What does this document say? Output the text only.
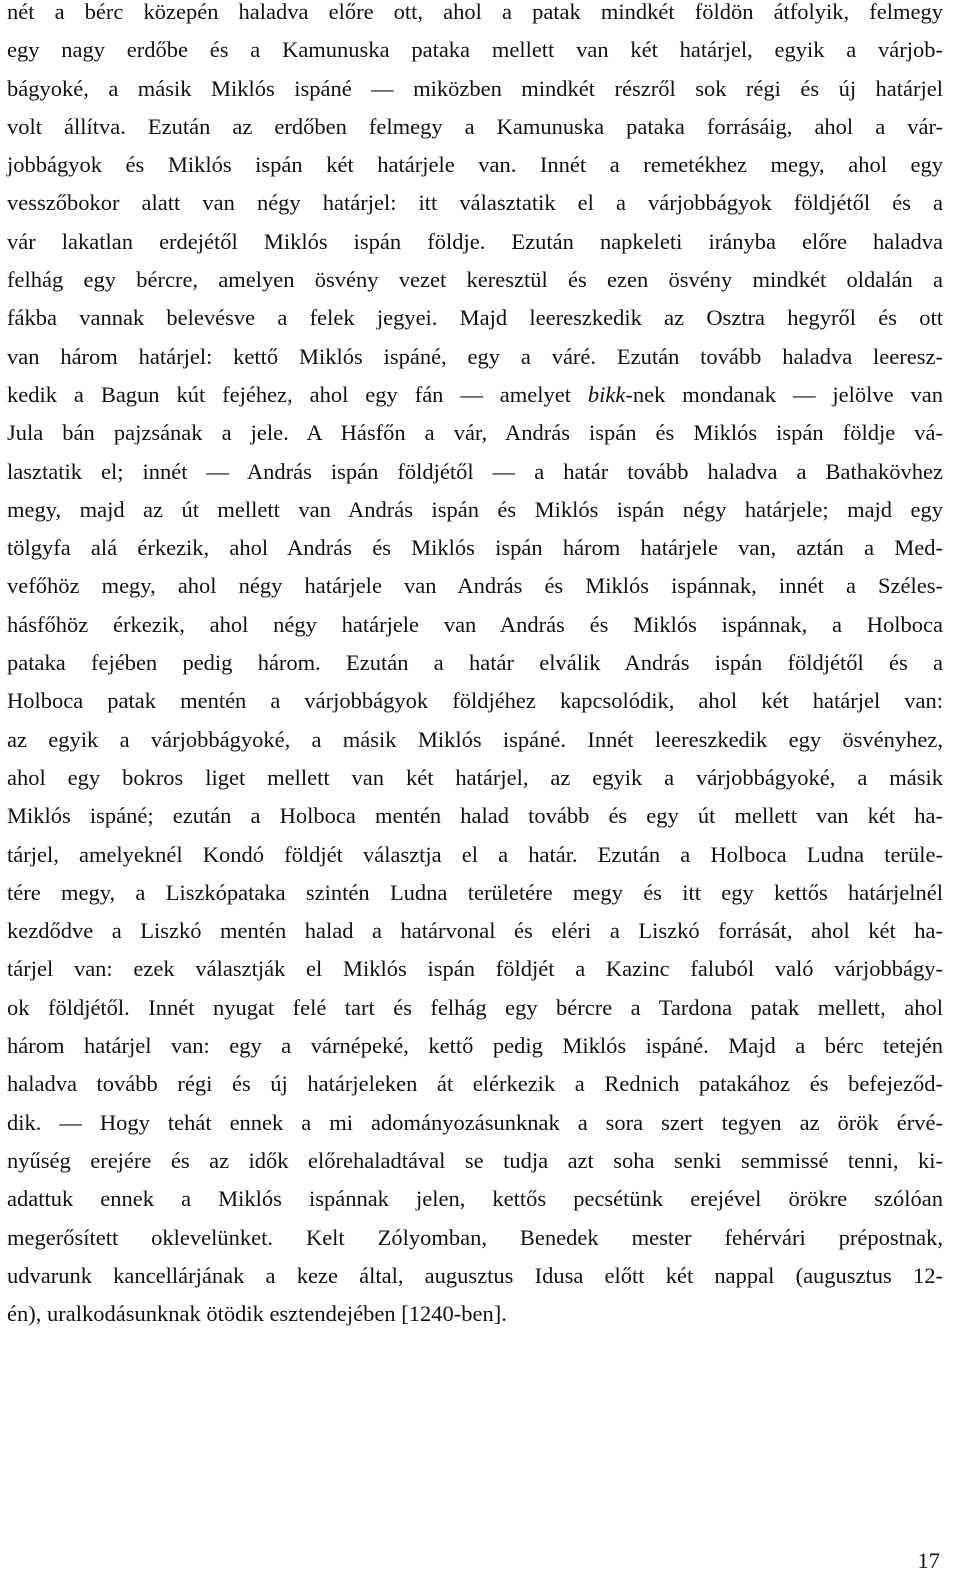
nét a bérc közepén haladva előre ott, ahol a patak mindkét földön átfolyik, felmegy
egy nagy erdőbe és a Kamunuska pataka mellett van két határjel, egyik a várjob-
bágyoké, a másik Miklós ispáné — miközben mindkét részről sok régi és új határjel
volt állítva. Ezután az erdőben felmegy a Kamunuska pataka forrásáig, ahol a vár-
jobbágyok és Miklós ispán két határjele van. Innét a remetékhez megy, ahol egy
vesszőbokor alatt van négy határjel: itt választatik el a várjobbágyok földjétől és a
vár lakatlan erdejétől Miklós ispán földje. Ezután napkeleti irányba előre haladva
felhág egy bércre, amelyen ösvény vezet keresztül és ezen ösvény mindkét oldalán a
fákba vannak belevésve a felek jegyei. Majd leereszkedik az Osztra hegyről és ott
van három határjel: kettő Miklós ispáné, egy a váré. Ezután tovább haladva leeresz-
kedik a Bagun kút fejéhez, ahol egy fán — amelyet bikk-nek mondanak — jelölve van
Jula bán pajzsának a jele. A Hásfőn a vár, András ispán és Miklós ispán földje vá-
lasztatik el; innét — András ispán földjétől — a határ tovább haladva a Bathakövhez
megy, majd az út mellett van András ispán és Miklós ispán négy határjele; majd egy
tölgyfa alá érkezik, ahol András és Miklós ispán három határjele van, aztán a Med-
vefőhöz megy, ahol négy határjele van András és Miklós ispánnak, innét a Széles-
hásfőhöz érkezik, ahol négy határjele van András és Miklós ispánnak, a Holboca
pataka fejében pedig három. Ezután a határ elválik András ispán földjétől és a
Holboca patak mentén a várjobbágyok földjéhez kapcsolódik, ahol két határjel van:
az egyik a várjobbágyoké, a másik Miklós ispáné. Innét leereszkedik egy ösvényhez,
ahol egy bokros liget mellett van két határjel, az egyik a várjobbágyoké, a másik
Miklós ispáné; ezután a Holboca mentén halad tovább és egy út mellett van két ha-
tárjel, amelyeknél Kondó földjét választja el a határ. Ezután a Holboca Ludna terüle-
tére megy, a Liszkópataka szintén Ludna területére megy és itt egy kettős határjelnél
kezdődve a Liszkó mentén halad a határvonal és eléri a Liszkó forrását, ahol két ha-
tárjel van: ezek választják el Miklós ispán földjét a Kazinc faluból való várjobbágy-
ok földjétől. Innét nyugat felé tart és felhág egy bércre a Tardona patak mellett, ahol
három határjel van: egy a várnépeké, kettő pedig Miklós ispáné. Majd a bérc tetején
haladva tovább régi és új határjeleken át elérkezik a Rednich patakához és befejeződ-
dik. — Hogy tehát ennek a mi adományozásunknak a sora szert tegyen az örök érvé-
nyűség erejére és az idők előrehaladtával se tudja azt soha senki semmissé tenni, ki-
adattuk ennek a Miklós ispánnak jelen, kettős pecsétünk erejével örökre szólóan
megerősített oklevelünket. Kelt Zólyomban, Benedek mester fehérvári prépostnak,
udvarunk kancellárjának a keze által, augusztus Idusa előtt két nappal (augusztus 12-
én), uralkodásunknak ötödik esztendejében [1240-ben].
17
